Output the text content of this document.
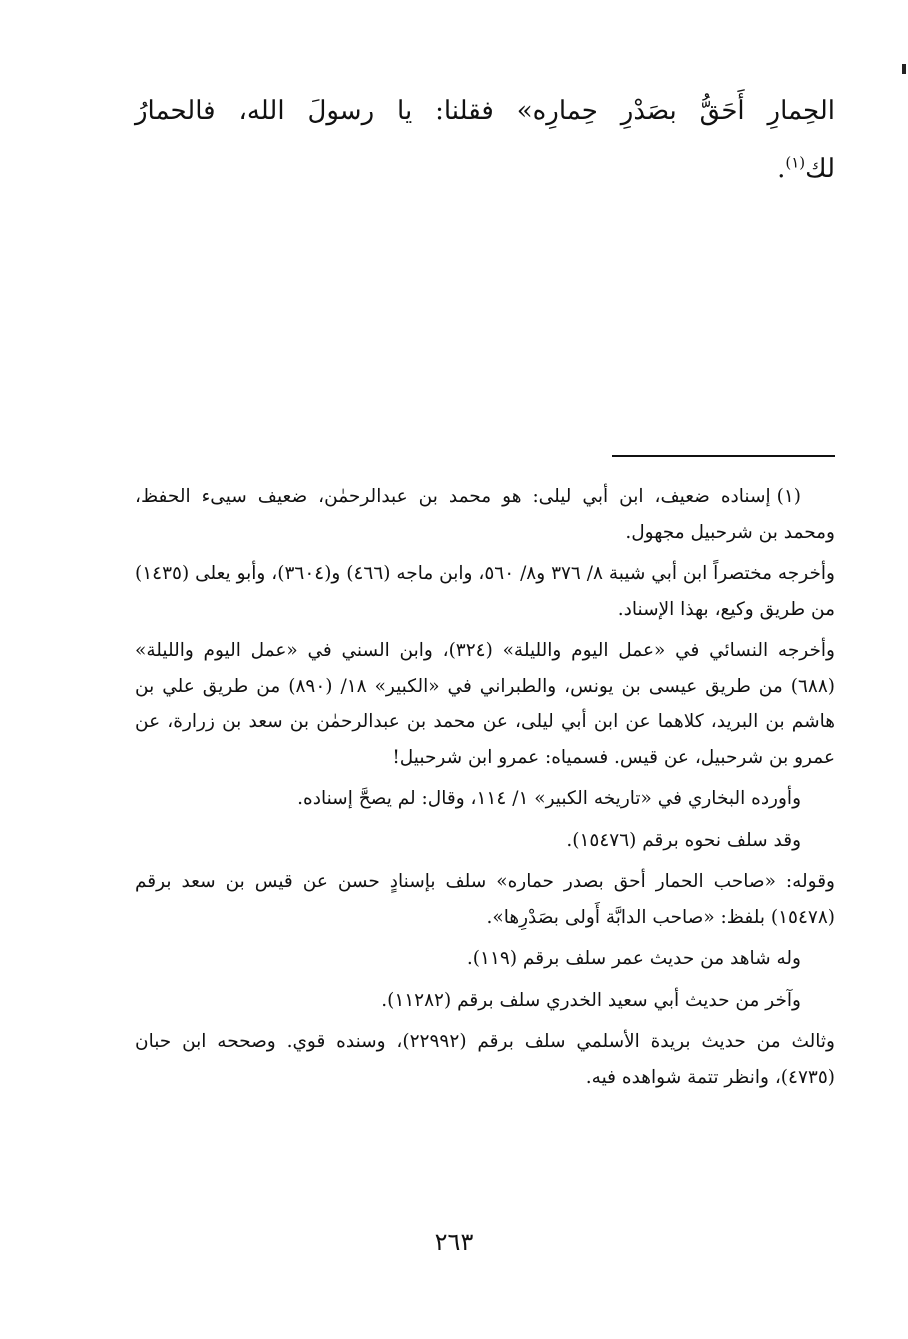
الحِمارِ أَحَقُّ بصَدْرِ حِمارِه» فقلنا: يا رسولَ الله، فالحمارُ
لك$^{(١)}$.

(١)إسناده ضعيف، ابن أبي ليلى: هو محمد بن عبدالرحمٰن، ضعيف سيىء الحفظ، ومحمد بن شرحبيل مجهول.

وأخرجه مختصراً ابن أبي شيبة ٨/ ٣٧٦ و٨/ ٥٦٠، وابن ماجه (٤٦٦) و(٣٦٠٤)، وأبو يعلى (١٤٣٥) من طريق وكيع، بهذا الإسناد.

وأخرجه النسائي في «عمل اليوم والليلة» (٣٢٤)، وابن السني في «عمل اليوم والليلة» (٦٨٨) من طريق عيسى بن يونس، والطبراني في «الكبير» ١٨/ (٨٩٠) من طريق علي بن هاشم بن البريد، كلاهما عن ابن أبي ليلى، عن محمد بن عبدالرحمٰن بن سعد بن زرارة، عن عمرو بن شرحبيل، عن قيس. فسمياه: عمرو ابن شرحبيل!

وأورده البخاري في «تاريخه الكبير» ١/ ١١٤، وقال: لم يصحَّ إسناده.

وقد سلف نحوه برقم (١٥٤٧٦).

وقوله: «صاحب الحمار أحق بصدر حماره» سلف بإسنادٍ حسن عن قيس بن سعد برقم (١٥٤٧٨) بلفظ: «صاحب الدابَّة أَولى بصَدْرِها».

وله شاهد من حديث عمر سلف برقم (١١٩).

وآخر من حديث أبي سعيد الخدري سلف برقم (١١٢٨٢).

وثالث من حديث بريدة الأسلمي سلف برقم (٢٢٩٩٢)، وسنده قوي. وصححه ابن حبان (٤٧٣٥)، وانظر تتمة شواهده فيه.

٢٦٣
